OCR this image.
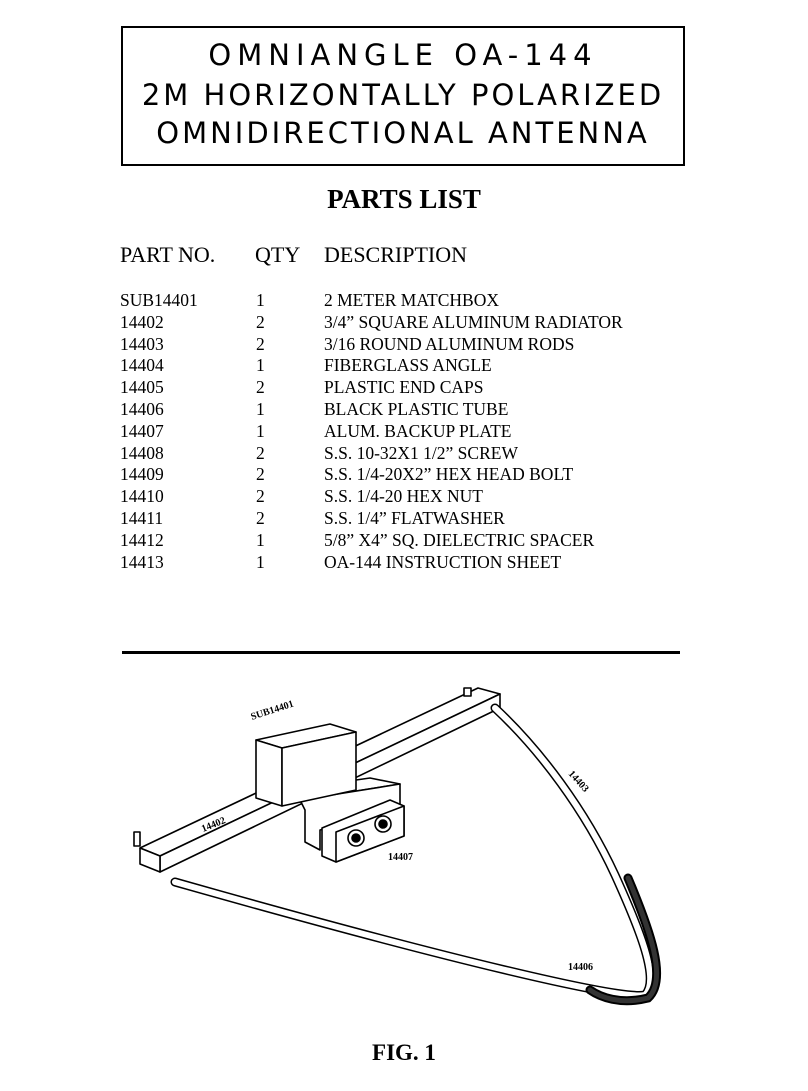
OMNIANGLE OA-144
2M HORIZONTALLY POLARIZED
OMNIDIRECTIONAL ANTENNA
PARTS LIST
PART NO. QTY DESCRIPTION
SUB14401	1	2 METER MATCHBOX
14402	2	3/4” SQUARE ALUMINUM RADIATOR
14403	2	3/16 ROUND ALUMINUM RODS
14404	1	FIBERGLASS ANGLE
14405	2	PLASTIC END CAPS
14406	1	BLACK PLASTIC TUBE
14407	1	ALUM. BACKUP PLATE
14408	2	S.S. 10-32X1 1/2” SCREW
14409	2	S.S. 1/4-20X2” HEX HEAD BOLT
14410	2	S.S. 1/4-20 HEX NUT
14411	2	S.S. 1/4” FLATWASHER
14412	1	5/8” X4” SQ. DIELECTRIC SPACER
14413	1	OA-144 INSTRUCTION SHEET
SUB14401
14402
14403
14407
14406
FIG. 1
